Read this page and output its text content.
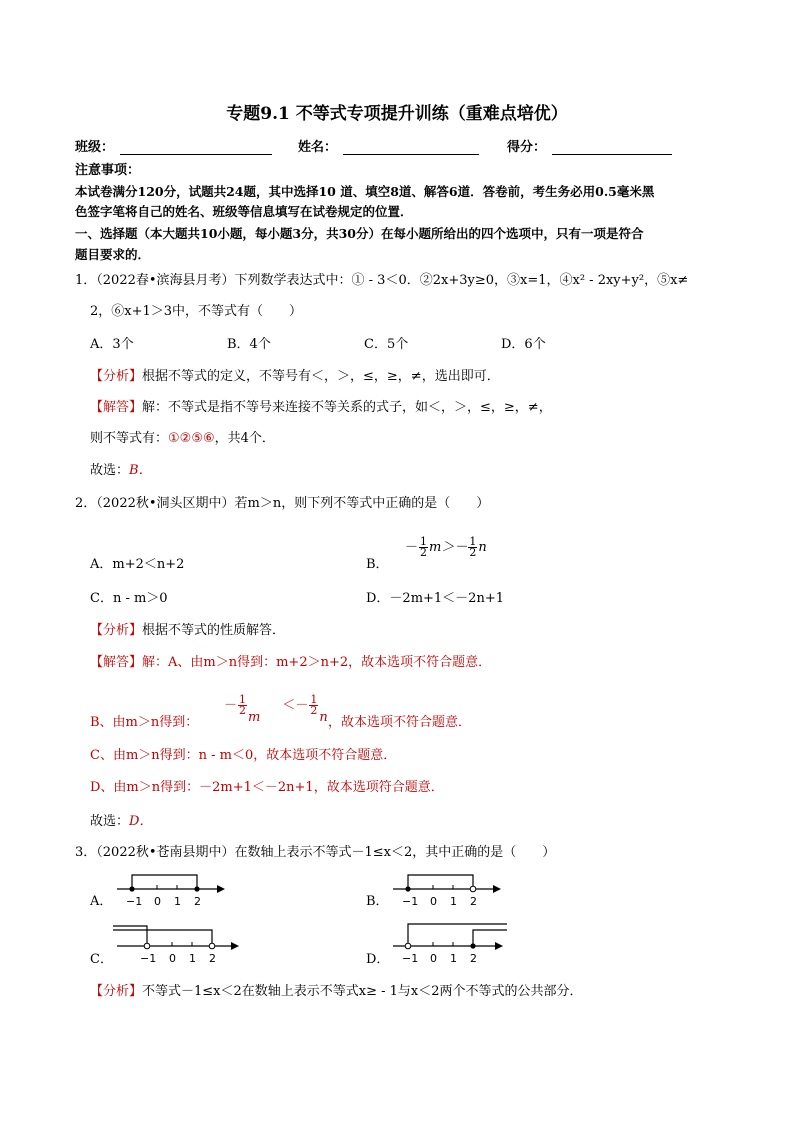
专题9.1 不等式专项提升训练（重难点培优）
班级：	姓名：	得分：
注意事项：
本试卷满分120分，试题共24题，其中选择10 道、填空8道、解答6道．答卷前，考生务必用0.5毫米黑
色签字笔将自己的姓名、班级等信息填写在试卷规定的位置．
一、选择题（本大题共10小题，每小题3分，共30分）在每小题所给出的四个选项中，只有一项是符合
题目要求的．
1．（2022春•滨海县月考）下列数学表达式中：① - 3＜0．②2x+3y≥0，③x=1，④x² - 2xy+y²，⑤x≠
2，⑥x+1＞3中，不等式有（　　）
A．3个	B．4个	C．5个	D．6个
【分析】根据不等式的定义，不等号有＜，＞，≤，≥，≠，选出即可．
【解答】解：不等式是指不等号来连接不等关系的式子，如＜，＞，≤，≥，≠，
则不等式有：①②⑤⑥，共4个．
故选：B．
2．（2022秋•洞头区期中）若m＞n，则下列不等式中正确的是（　　）
A．m+2＜n+2	B．
－ $\frac{1}{2} m>- \frac{1}{2}$ n
C．n - m＞0	D．－2m+1＜－2n+1
【分析】根据不等式的性质解答．
【解答】解：A、由m＞n得到：m+2＞n+2，故本选项不符合题意．
B、由m＞n得到：
－ $\frac{1}{2}$
$m<- \frac{1}{2}$
n ，故本选项不符合题意．
C、由m＞n得到：n - m＜0，故本选项不符合题意．
D、由m＞n得到：－2m+1＜－2n+1，故本选项符合题意．
故选：D．
3．（2022秋•苍南县期中）在数轴上表示不等式－1≤x＜2，其中正确的是（　　）
A．	B．
C．	D．
−1 0 1 2	−1 0 1 2
−1 0 1 2	−1 0 1 2
【分析】不等式－1≤x＜2在数轴上表示不等式x≥ - 1与x＜2两个不等式的公共部分．
